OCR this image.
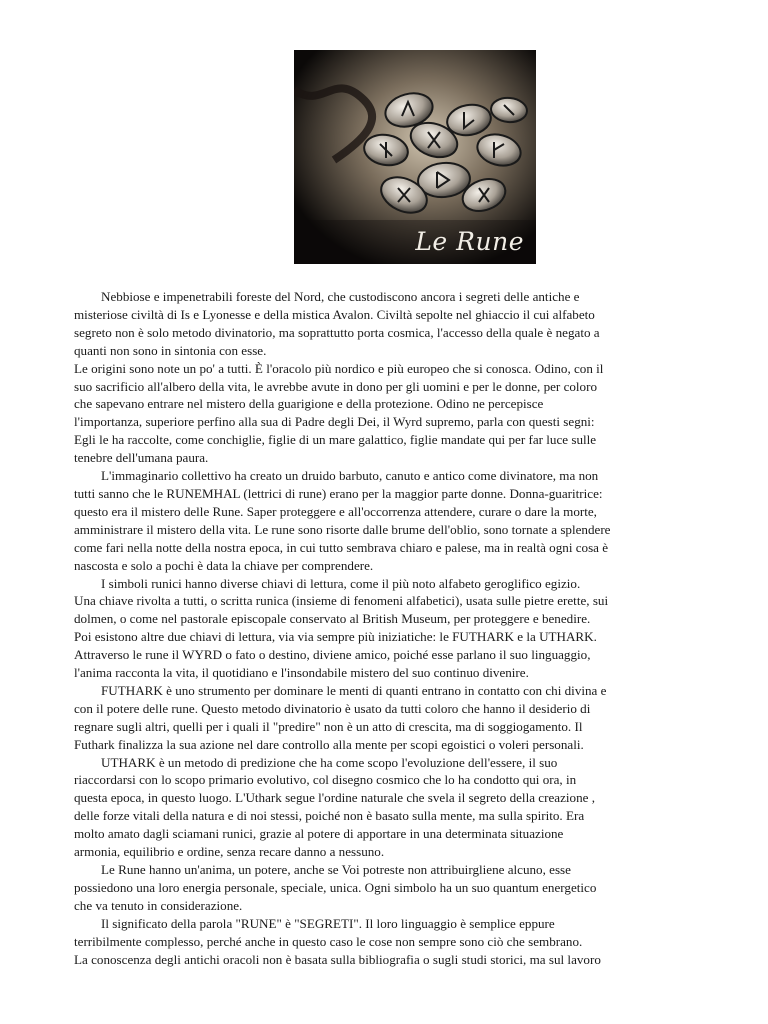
Le Rune
Nebbiose e impenetrabili foreste del Nord, che custodiscono ancora i segreti delle antiche e
misteriose civiltà di Is e Lyonesse e della mistica Avalon. Civiltà sepolte nel ghiaccio il cui alfabeto
segreto non è solo metodo divinatorio, ma soprattutto porta cosmica, l'accesso della quale è negato a
quanti non sono in sintonia con esse.
Le origini sono note un po' a tutti. È l'oracolo più nordico e più europeo che si conosca. Odino, con il
suo sacrificio all'albero della vita, le avrebbe avute in dono per gli uomini e per le donne, per coloro
che sapevano entrare nel mistero della guarigione e della protezione. Odino ne percepisce
l'importanza, superiore perfino alla sua di Padre degli Dei, il Wyrd supremo, parla con questi segni:
Egli le ha raccolte, come conchiglie, figlie di un mare galattico, figlie mandate qui per far luce sulle
tenebre dell'umana paura.
L'immaginario collettivo ha creato un druido barbuto, canuto e antico come divinatore, ma non
tutti sanno che le RUNEMHAL (lettrici di rune) erano per la maggior parte donne. Donna-guaritrice:
questo era il mistero delle Rune. Saper proteggere e all'occorrenza attendere, curare o dare la morte,
amministrare il mistero della vita. Le rune sono risorte dalle brume dell'oblio, sono tornate a splendere
come fari nella notte della nostra epoca, in cui tutto sembrava chiaro e palese, ma in realtà ogni cosa è
nascosta e solo a pochi è data la chiave per comprendere.
I simboli runici hanno diverse chiavi di lettura, come il più noto alfabeto geroglifico egizio.
Una chiave rivolta a tutti, o scritta runica (insieme di fenomeni alfabetici), usata sulle pietre erette, sui
dolmen, o come nel pastorale episcopale conservato al British Museum, per proteggere e benedire.
Poi esistono altre due chiavi di lettura, via via sempre più iniziatiche: le FUTHARK e la UTHARK.
Attraverso le rune il WYRD o fato o destino, diviene amico, poiché esse parlano il suo linguaggio,
l'anima racconta la vita, il quotidiano e l'insondabile mistero del suo continuo divenire.
FUTHARK è uno strumento per dominare le menti di quanti entrano in contatto con chi divina e
con il potere delle rune. Questo metodo divinatorio è usato da tutti coloro che hanno il desiderio di
regnare sugli altri, quelli per i quali il "predire" non è un atto di crescita, ma di soggiogamento. Il
Futhark finalizza la sua azione nel dare controllo alla mente per scopi egoistici o voleri personali.
UTHARK è un metodo di predizione che ha come scopo l'evoluzione dell'essere, il suo
riaccordarsi con lo scopo primario evolutivo, col disegno cosmico che lo ha condotto qui ora, in
questa epoca, in questo luogo. L'Uthark segue l'ordine naturale che svela il segreto della creazione ,
delle forze vitali della natura e di noi stessi, poiché non è basato sulla mente, ma sulla spirito. Era
molto amato dagli sciamani runici, grazie al potere di apportare in una determinata situazione
armonia, equilibrio e ordine, senza recare danno a nessuno.
Le Rune hanno un'anima, un potere, anche se Voi potreste non attribuirgliene alcuno, esse
possiedono una loro energia personale, speciale, unica. Ogni simbolo ha un suo quantum energetico
che va tenuto in considerazione.
Il significato della parola "RUNE" è "SEGRETI". Il loro linguaggio è semplice eppure
terribilmente complesso, perché anche in questo caso le cose non sempre sono ciò che sembrano.
La conoscenza degli antichi oracoli non è basata sulla bibliografia o sugli studi storici, ma sul lavoro
